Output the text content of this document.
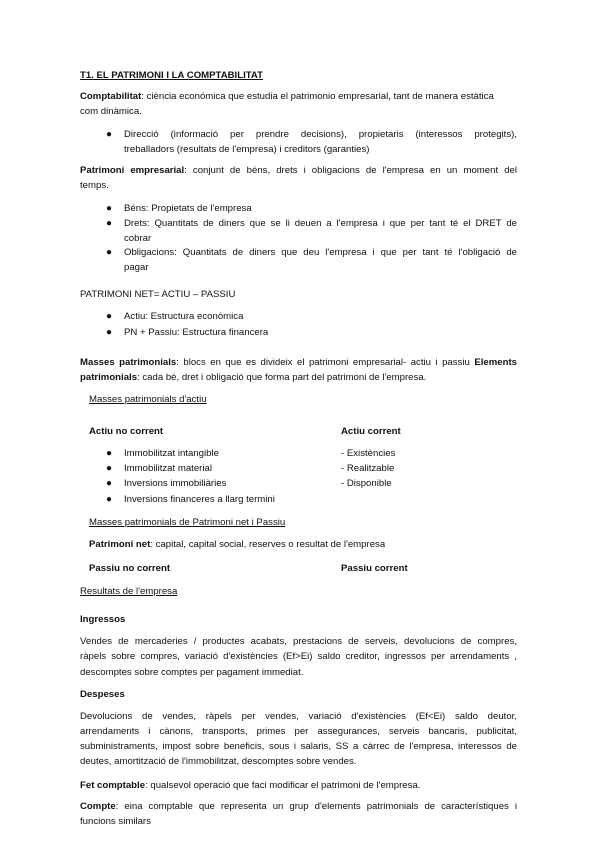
T1. EL PATRIMONI I LA COMPTABILITAT
Comptabilitat: ciència económica que estudia el patrimonio empresarial, tant de manera estàtica
com dinàmica.
● Direcció (informació per prendre decisions), propietaris (interessos protegits),
treballadors (resultats de l'empresa) i creditors (garanties)
Patrimoni empresarial: conjunt de béns, drets i obligacions de l'empresa en un moment del
temps.
● Béns: Propietats de l'empresa
● Drets: Quantitats de diners que se li deuen a l'empresa i que per tant té el DRET de
cobrar
● Obligacions: Quantitats de diners que deu l'empresa i que per tant té l'obligació de
pagar
PATRIMONI NET= ACTIU – PASSIU
● Actiu: Estructura econòmica
● PN + Passiu: Estructura financera
Masses patrimonials: blocs en que es divideix el patrimoni empresarial- actiu i passiu Elements
patrimonials: cada bé, dret i obligació que forma part del patrimoni de l'empresa.
Masses patrimonials d'actiu
Actiu no corrent	Actiu corrent
● Immobilitzat intangible
● Immobilitzat material
● Inversions immobiliàries
● Inversions financeres a llarg termini
- Existències
- Realitzable
- Disponible
Masses patrimonials de Patrimoni net i Passiu
Patrimoni net: capital, capital social, reserves o resultat de l'empresa
Passiu no corrent	Passiu corrent
Resultats de l'empresa
Ingressos
Vendes de mercaderies / productes acabats, prestacions de serveis, devolucions de compres,
ràpels sobre compres, variació d'existències (Ef>Ei) saldo creditor, ingressos per arrendaments ,
descomptes sobre comptes per pagament immediat.
Despeses
Devolucions de vendes, ràpels per vendes, variació d'existències (Ef<Ei) saldo deutor,
arrendaments i cànons, transports, primes per assegurances, serveis bancaris, publicitat,
subministraments, impost sobre beneficis, sous i salaris, SS a càrrec de l'empresa, interessos de
deutes, amortització de l'immobilitzat, descomptes sobre vendes.
Fet comptable: qualsevol operació que faci modificar el patrimoni de l'empresa.
Compte: eina comptable que representa un grup d'elements patrimonials de característiques i
funcions similars
